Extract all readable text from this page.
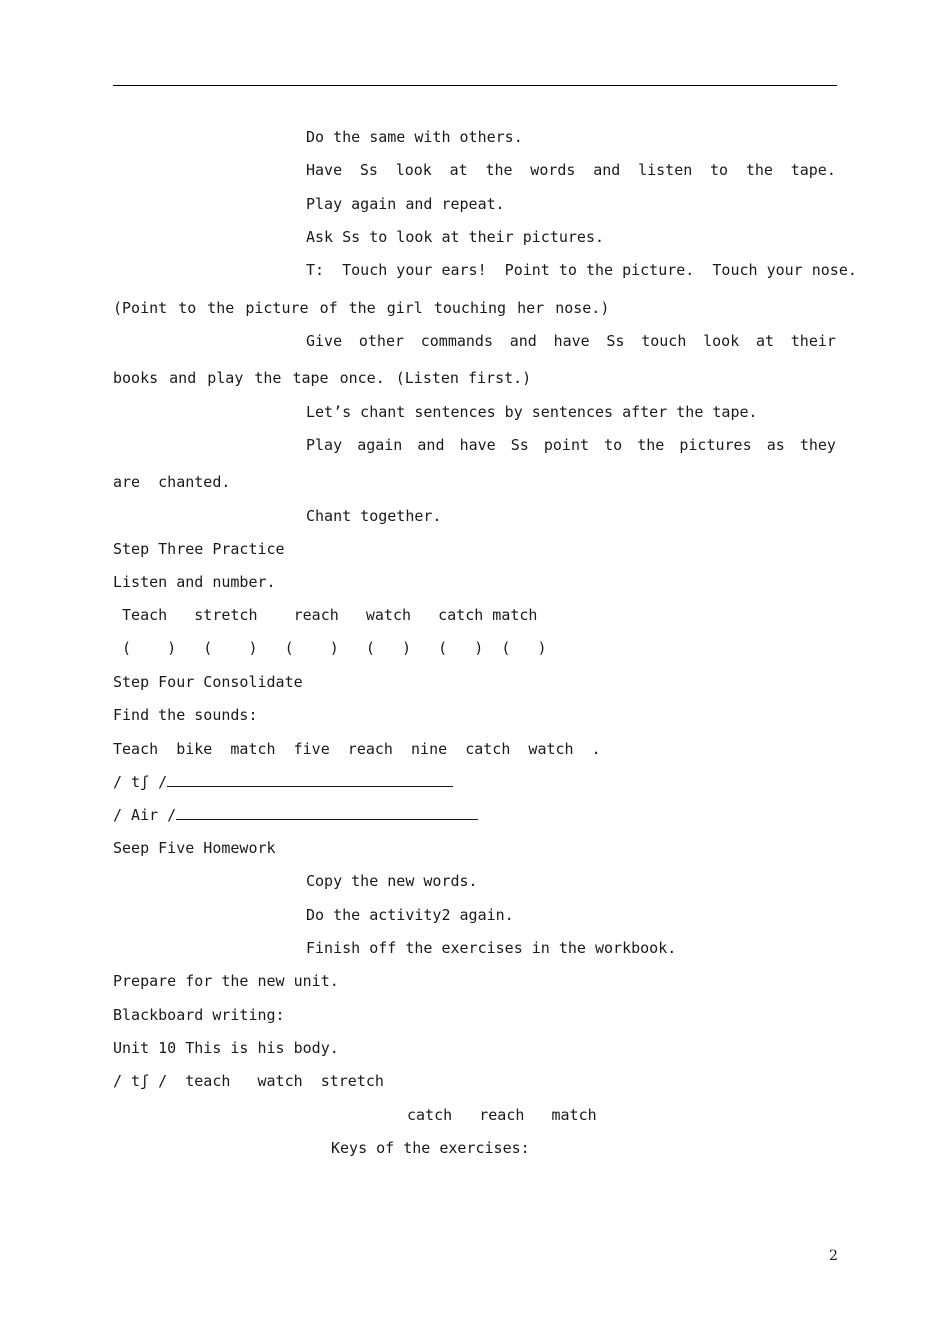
Do the same with others.
Have Ss look at the words and listen to the tape.
Play again and repeat.
Ask Ss to look at their pictures.
T:  Touch your ears!  Point to the picture.  Touch your nose.
(Point to the picture of the girl touching her nose.)
Give other commands and have Ss touch look at their
books and play the tape once. (Listen first.)
Let’s chant sentences by sentences after the tape.
Play again and have Ss point to the pictures as they
are  chanted.
Chant together.
Step Three Practice
Listen and number.
Teach   stretch    reach   watch   catch match
(    )   (    )   (    )   (   )   (   )  (   )
Step Four Consolidate
Find the sounds:
Teach  bike  match  five  reach  nine  catch  watch  .
/ tʃ /
/ Air /
Seep Five Homework
Copy the new words.
Do the activity2 again.
Finish off the exercises in the workbook.
Prepare for the new unit.
Blackboard writing:
Unit 10 This is his body.
/ tʃ /  teach   watch  stretch
catch   reach   match
Keys of the exercises:
2
